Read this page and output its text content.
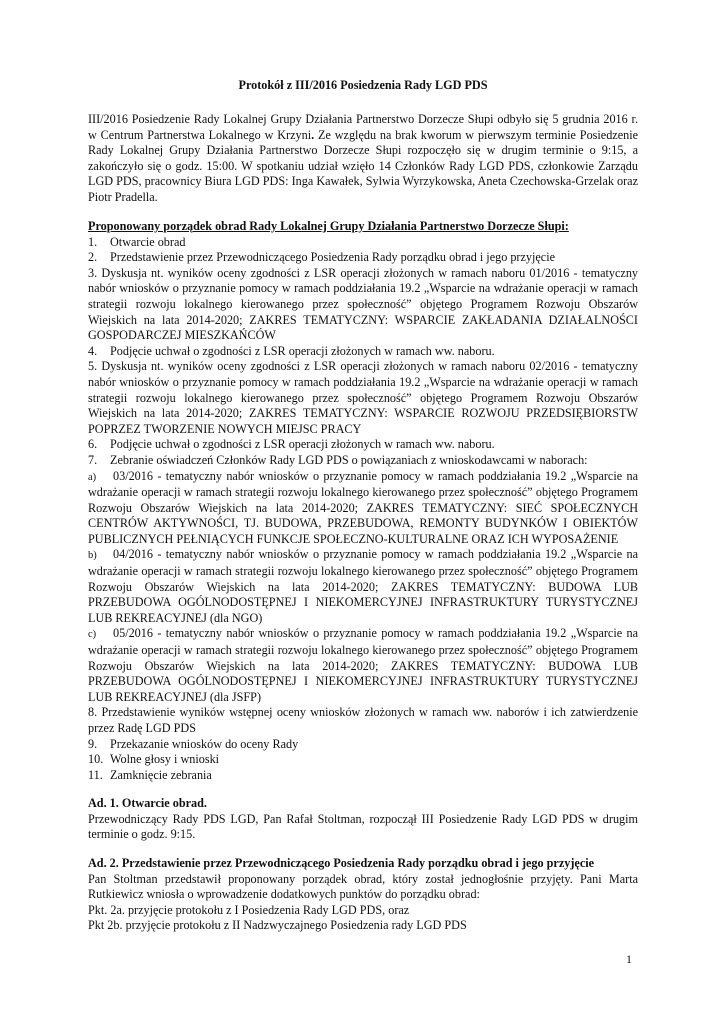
Protokół z III/2016 Posiedzenia Rady LGD PDS

III/2016 Posiedzenie Rady Lokalnej Grupy Działania Partnerstwo Dorzecze Słupi odbyło się 5 grudnia 2016 r. w Centrum Partnerstwa Lokalnego w Krzyni. Ze względu na brak kworum w pierwszym terminie Posiedzenie Rady Lokalnej Grupy Działania Partnerstwo Dorzecze Słupi rozpoczęło się w drugim terminie o 9:15, a zakończyło się o godz. 15:00. W spotkaniu udział wzięło 14 Członków Rady LGD PDS, członkowie Zarządu LGD PDS, pracownicy Biura LGD PDS: Inga Kawałek, Sylwia Wyrzykowska, Aneta Czechowska-Grzelak oraz Piotr Pradella.

Proponowany porządek obrad Rady Lokalnej Grupy Działania Partnerstwo Dorzecze Słupi:

1. Otwarcie obrad
2. Przedstawienie przez Przewodniczącego Posiedzenia Rady porządku obrad i jego przyjęcie
3. Dyskusja nt. wyników oceny zgodności z LSR operacji złożonych w ramach naboru 01/2016 - tematyczny nabór wniosków o przyznanie pomocy w ramach poddziałania 19.2 „Wsparcie na wdrażanie operacji w ramach strategii rozwoju lokalnego kierowanego przez społeczność” objętego Programem Rozwoju Obszarów Wiejskich na lata 2014-2020; ZAKRES TEMATYCZNY: WSPARCIE ZAKŁADANIA DZIAŁALNOŚCI GOSPODARCZEJ MIESZKAŃCÓW
4. Podjęcie uchwał o zgodności z LSR operacji złożonych w ramach ww. naboru.
5. Dyskusja nt. wyników oceny zgodności z LSR operacji złożonych w ramach naboru 02/2016 - tematyczny nabór wniosków o przyznanie pomocy w ramach poddziałania 19.2 „Wsparcie na wdrażanie operacji w ramach strategii rozwoju lokalnego kierowanego przez społeczność” objętego Programem Rozwoju Obszarów Wiejskich na lata 2014-2020; ZAKRES TEMATYCZNY: WSPARCIE ROZWOJU PRZEDSIĘBIORSTW POPRZEZ TWORZENIE NOWYCH MIEJSC PRACY
6. Podjęcie uchwał o zgodności z LSR operacji złożonych w ramach ww. naboru.
7. Zebranie oświadczeń Członków Rady LGD PDS o powiązaniach z wnioskodawcami w naborach:
a) 03/2016 - tematyczny nabór wniosków o przyznanie pomocy w ramach poddziałania 19.2 „Wsparcie na wdrażanie operacji w ramach strategii rozwoju lokalnego kierowanego przez społeczność” objętego Programem Rozwoju Obszarów Wiejskich na lata 2014-2020; ZAKRES TEMATYCZNY: SIEĆ SPOŁECZNYCH CENTRÓW AKTYWNOŚCI, TJ. BUDOWA, PRZEBUDOWA, REMONTY BUDYNKÓW I OBIEKTÓW PUBLICZNYCH PEŁNIĄCYCH FUNKCJE SPOŁECZNO-KULTURALNE ORAZ ICH WYPOSAŻENIE
b) 04/2016 - tematyczny nabór wniosków o przyznanie pomocy w ramach poddziałania 19.2 „Wsparcie na wdrażanie operacji w ramach strategii rozwoju lokalnego kierowanego przez społeczność” objętego Programem Rozwoju Obszarów Wiejskich na lata 2014-2020; ZAKRES TEMATYCZNY: BUDOWA LUB PRZEBUDOWA OGÓLNODOSTĘPNEJ I NIEKOMERCYJNEJ INFRASTRUKTURY TURYSTYCZNEJ LUB REKREACYJNEJ (dla NGO)
c) 05/2016 - tematyczny nabór wniosków o przyznanie pomocy w ramach poddziałania 19.2 „Wsparcie na wdrażanie operacji w ramach strategii rozwoju lokalnego kierowanego przez społeczność” objętego Programem Rozwoju Obszarów Wiejskich na lata 2014-2020; ZAKRES TEMATYCZNY: BUDOWA LUB PRZEBUDOWA OGÓLNODOSTĘPNEJ I NIEKOMERCYJNEJ INFRASTRUKTURY TURYSTYCZNEJ LUB REKREACYJNEJ (dla JSFP)
8. Przedstawienie wyników wstępnej oceny wniosków złożonych w ramach ww. naborów i ich zatwierdzenie przez Radę LGD PDS
9. Przekazanie wniosków do oceny Rady
10. Wolne głosy i wnioski
11. Zamknięcie zebrania
Ad. 1. Otwarcie obrad.

Przewodniczący Rady PDS LGD, Pan Rafał Stoltman, rozpoczął III Posiedzenie Rady LGD PDS w drugim terminie o godz. 9:15.

Ad. 2. Przedstawienie przez Przewodniczącego Posiedzenia Rady porządku obrad i jego przyjęcie

Pan Stoltman przedstawił proponowany porządek obrad, który został jednogłośnie przyjęty. Pani Marta Rutkiewicz wniosła o wprowadzenie dodatkowych punktów do porządku obrad:

Pkt. 2a. przyjęcie protokołu z I Posiedzenia Rady LGD PDS, oraz

Pkt 2b. przyjęcie protokołu z II Nadzwyczajnego Posiedzenia rady LGD PDS

1
